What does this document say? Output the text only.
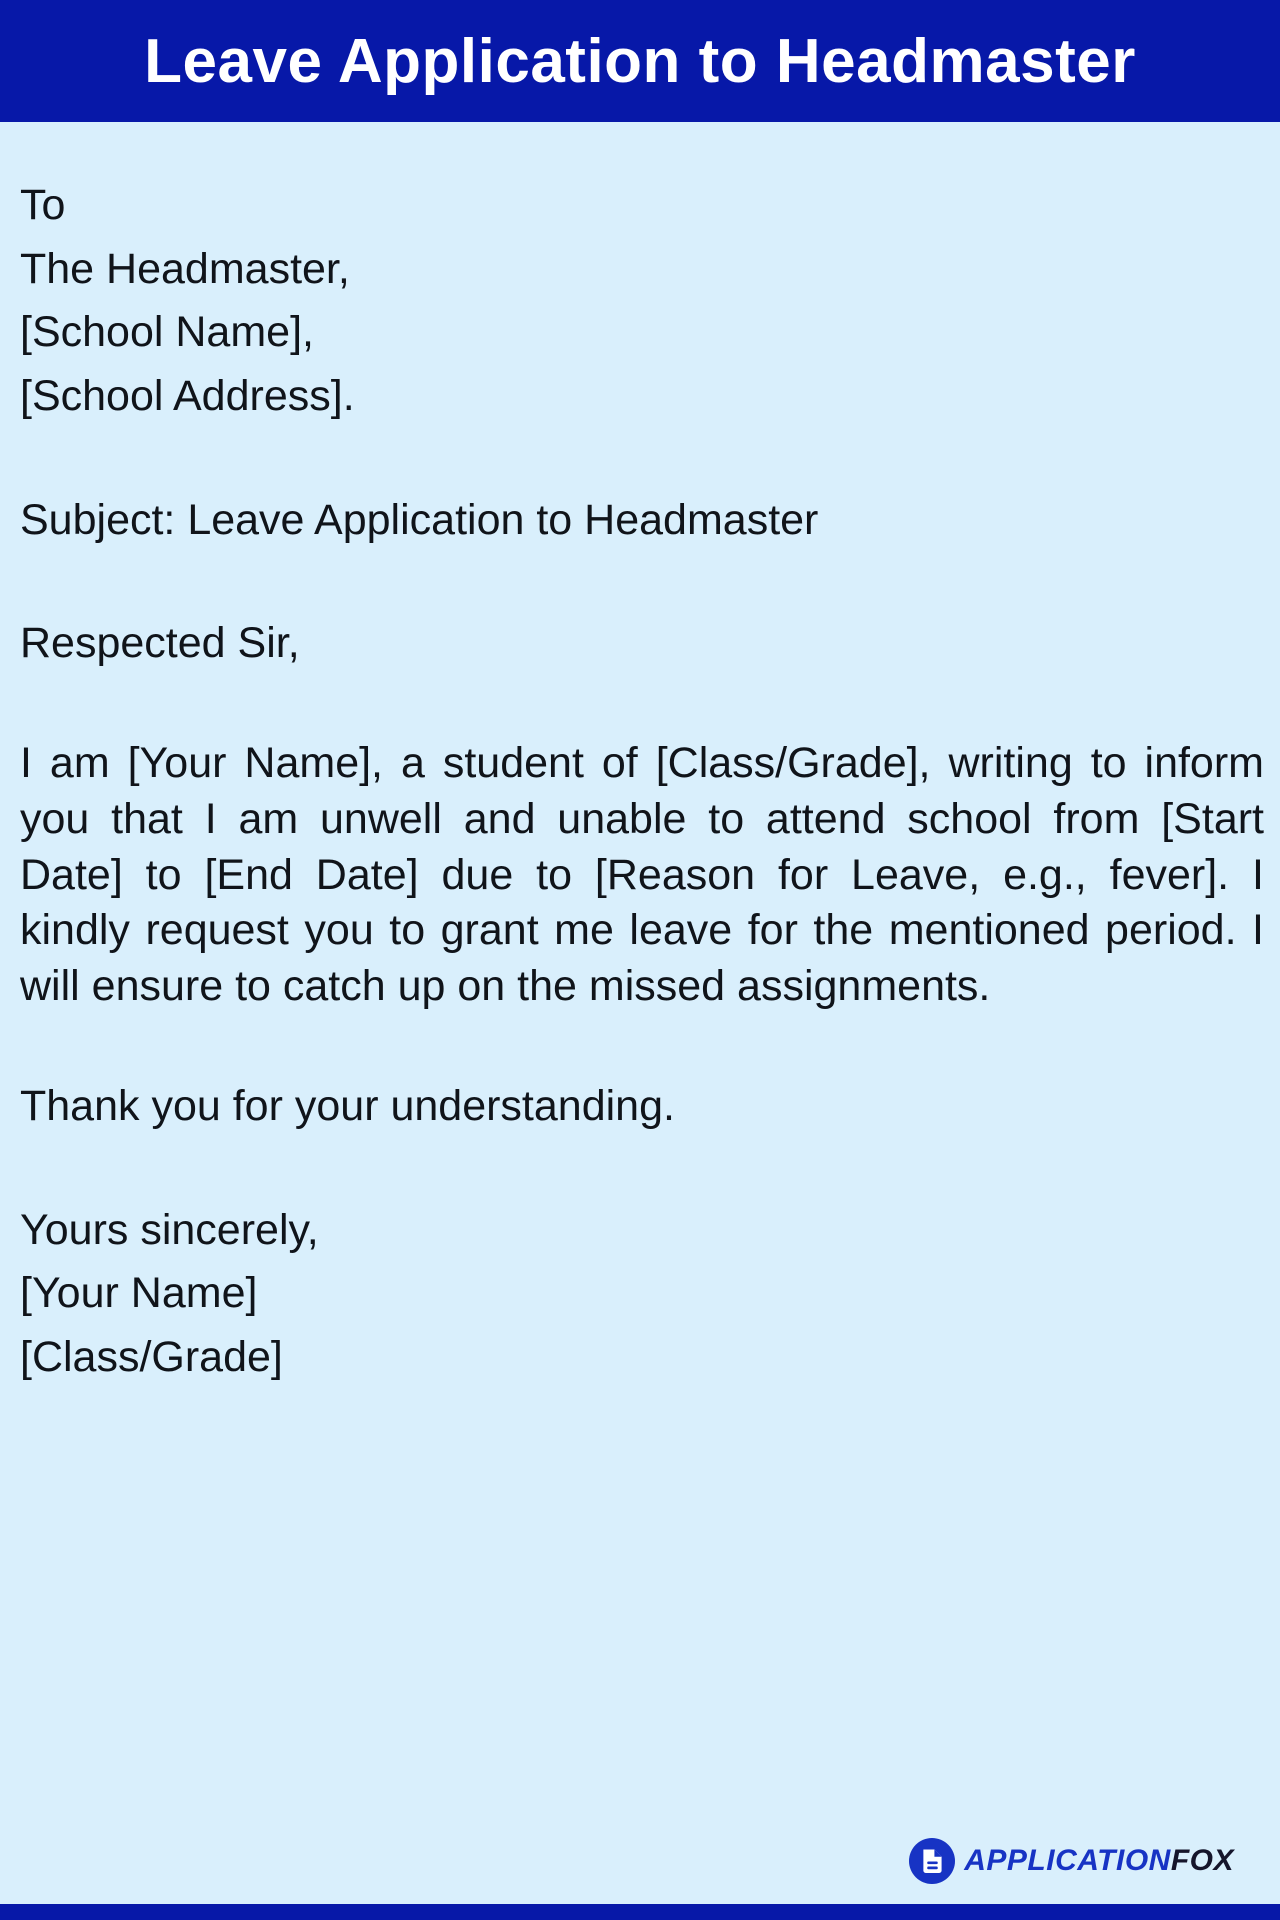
Leave Application to Headmaster
To
The Headmaster,
[School Name],
[School Address].
Subject: Leave Application to Headmaster
Respected Sir,

I am [Your Name], a student of [Class/Grade], writing to inform you that I am unwell and unable to attend school from [Start Date] to [End Date] due to [Reason for Leave, e.g., fever]. I kindly request you to grant me leave for the mentioned period. I will ensure to catch up on the missed assignments.

Thank you for your understanding.
Yours sincerely,
[Your Name]
[Class/Grade]
APPLICATIONFOX
